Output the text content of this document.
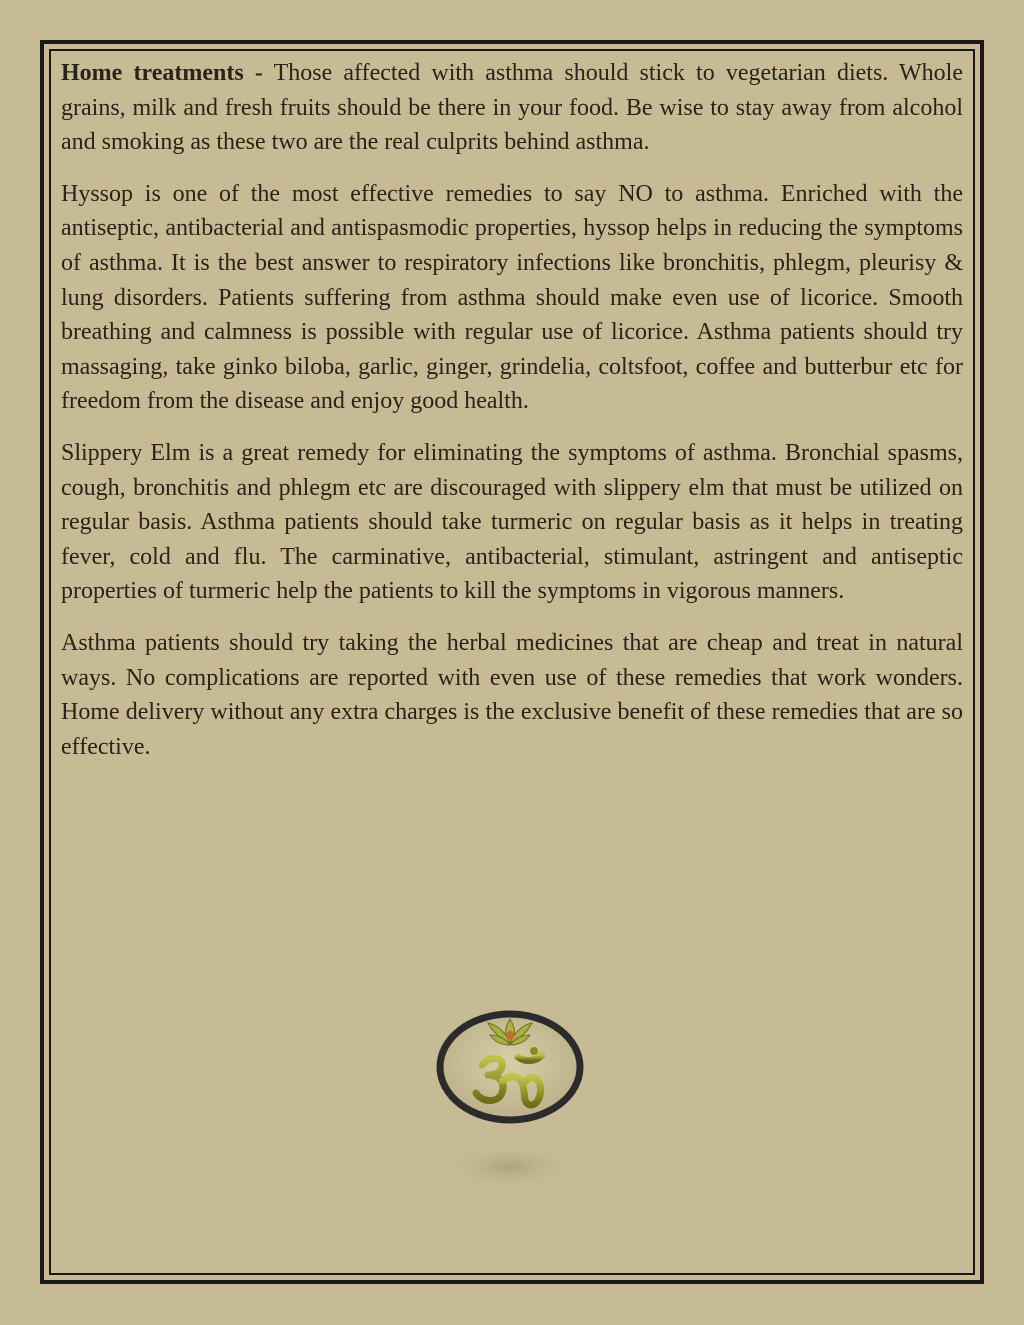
Home treatments - Those affected with asthma should stick to vegetarian diets. Whole grains, milk and fresh fruits should be there in your food. Be wise to stay away from alcohol and smoking as these two are the real culprits behind asthma.

Hyssop is one of the most effective remedies to say NO to asthma. Enriched with the antiseptic, antibacterial and antispasmodic properties, hyssop helps in reducing the symptoms of asthma. It is the best answer to respiratory infections like bronchitis, phlegm, pleurisy & lung disorders. Patients suffering from asthma should make even use of licorice. Smooth breathing and calmness is possible with regular use of licorice. Asthma patients should try massaging, take ginko biloba, garlic, ginger, grindelia, coltsfoot, coffee and butterbur etc for freedom from the disease and enjoy good health.

Slippery Elm is a great remedy for eliminating the symptoms of asthma. Bronchial spasms, cough, bronchitis and phlegm etc are discouraged with slippery elm that must be utilized on regular basis. Asthma patients should take turmeric on regular basis as it helps in treating fever, cold and flu. The carminative, antibacterial, stimulant, astringent and antiseptic properties of turmeric help the patients to kill the symptoms in vigorous manners.

Asthma patients should try taking the herbal medicines that are cheap and treat in natural ways. No complications are reported with even use of these remedies that work wonders. Home delivery without any extra charges is the exclusive benefit of these remedies that are so effective.
